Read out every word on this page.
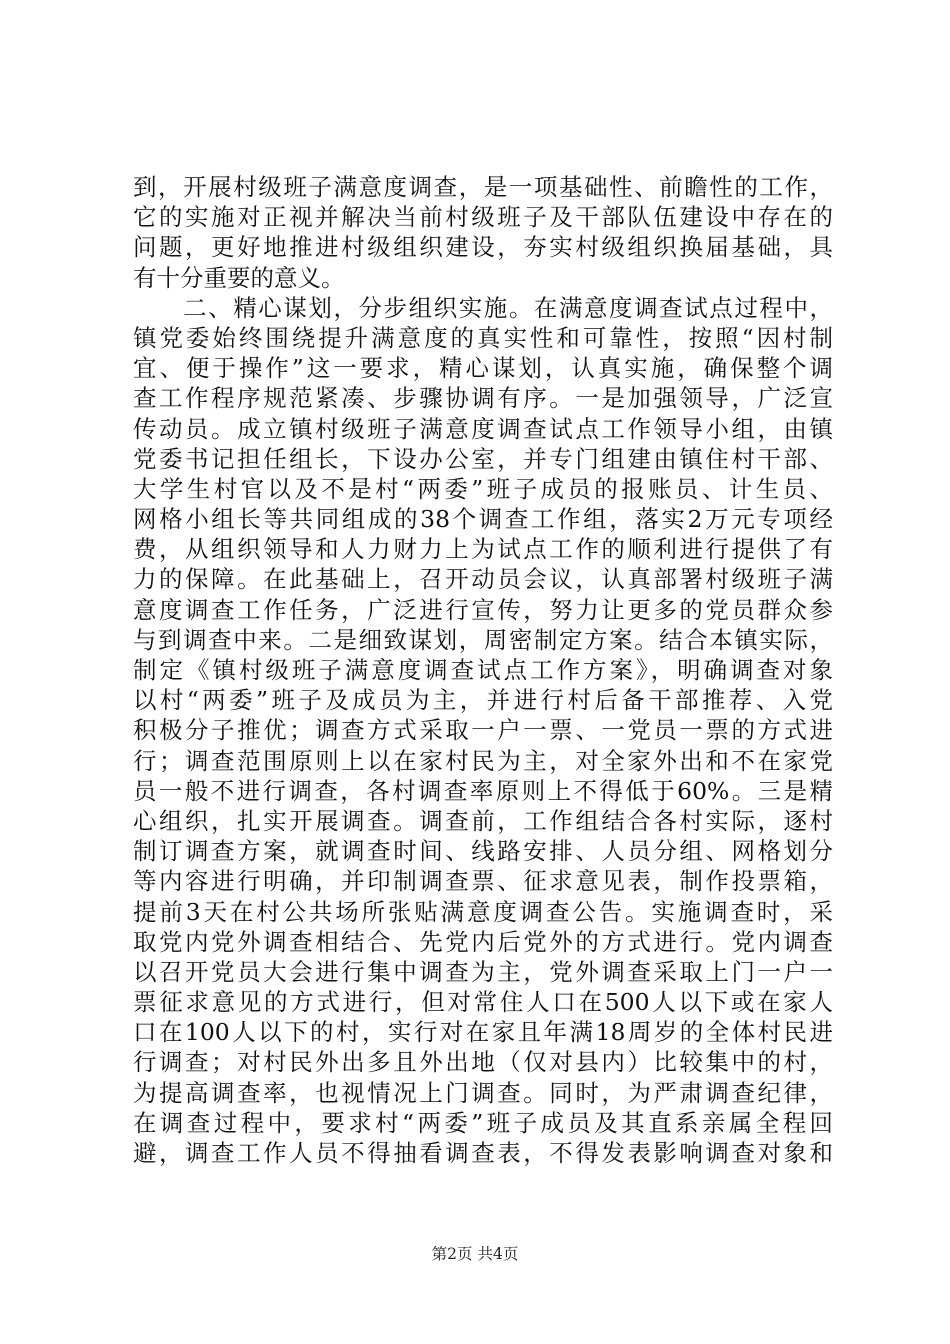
到，开展村级班子满意度调查，是一项基础性、前瞻性的工作，
它的实施对正视并解决当前村级班子及干部队伍建设中存在的
问题，更好地推进村级组织建设，夯实村级组织换届基础，具
有十分重要的意义。
　　二、精心谋划，分步组织实施。在满意度调查试点过程中，
镇党委始终围绕提升满意度的真实性和可靠性，按照“因村制
宜、便于操作”这一要求，精心谋划，认真实施，确保整个调
查工作程序规范紧凑、步骤协调有序。一是加强领导，广泛宣
传动员。成立镇村级班子满意度调查试点工作领导小组，由镇
党委书记担任组长，下设办公室，并专门组建由镇住村干部、
大学生村官以及不是村“两委”班子成员的报账员、计生员、
网格小组长等共同组成的38个调查工作组，落实2万元专项经
费，从组织领导和人力财力上为试点工作的顺利进行提供了有
力的保障。在此基础上，召开动员会议，认真部署村级班子满
意度调查工作任务，广泛进行宣传，努力让更多的党员群众参
与到调查中来。二是细致谋划，周密制定方案。结合本镇实际，
制定《镇村级班子满意度调查试点工作方案》，明确调查对象
以村“两委”班子及成员为主，并进行村后备干部推荐、入党
积极分子推优；调查方式采取一户一票、一党员一票的方式进
行；调查范围原则上以在家村民为主，对全家外出和不在家党
员一般不进行调查，各村调查率原则上不得低于60%。三是精
心组织，扎实开展调查。调查前，工作组结合各村实际，逐村
制订调查方案，就调查时间、线路安排、人员分组、网格划分
等内容进行明确，并印制调查票、征求意见表，制作投票箱，
提前3天在村公共场所张贴满意度调查公告。实施调查时，采
取党内党外调查相结合、先党内后党外的方式进行。党内调查
以召开党员大会进行集中调查为主，党外调查采取上门一户一
票征求意见的方式进行，但对常住人口在500人以下或在家人
口在100人以下的村，实行对在家且年满18周岁的全体村民进
行调查；对村民外出多且外出地（仅对县内）比较集中的村，
为提高调查率，也视情况上门调查。同时，为严肃调查纪律，
在调查过程中，要求村“两委”班子成员及其直系亲属全程回
避，调查工作人员不得抽看调查表，不得发表影响调查对象和
第2页 共4页
